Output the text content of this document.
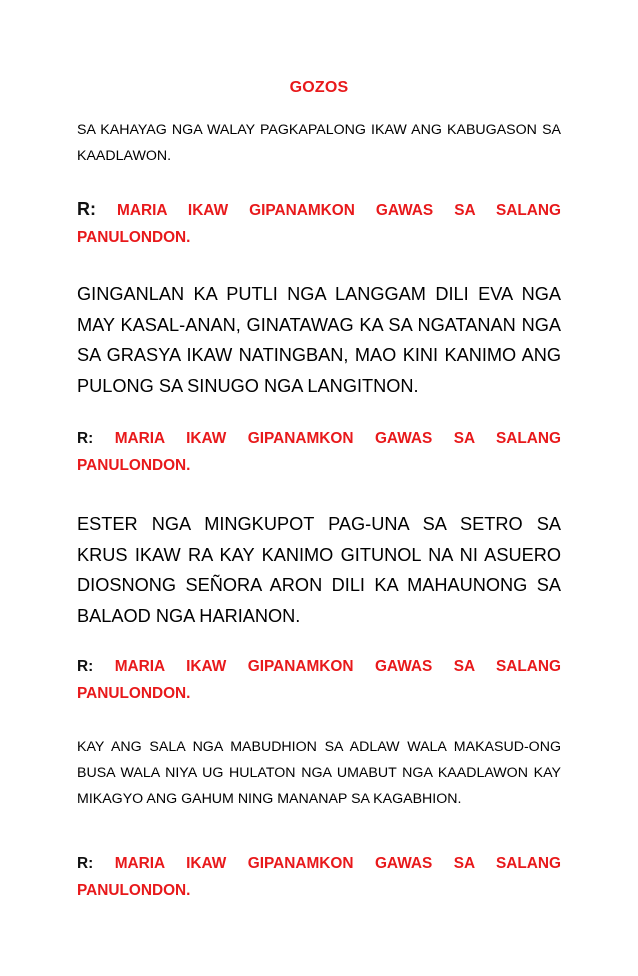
GOZOS
SA KAHAYAG NGA WALAY PAGKAPALONG IKAW ANG KABUGASON SA KAADLAWON.
R: MARIA IKAW GIPANAMKON GAWAS SA SALANG PANULONDON.
GINGANLAN KA PUTLI NGA LANGGAM DILI EVA NGA MAY KASAL-ANAN, GINATAWAG KA SA NGATANAN NGA SA GRASYA IKAW NATINGBAN, MAO KINI KANIMO ANG PULONG SA SINUGO NGA LANGITNON.
R: MARIA IKAW GIPANAMKON GAWAS SA SALANG PANULONDON.
ESTER NGA MINGKUPOT PAG-UNA SA SETRO SA KRUS IKAW RA KAY KANIMO GITUNOL NA NI ASUERO DIOSNONG SEÑORA ARON DILI KA MAHAUNONG SA BALAOD NGA HARIANON.
R: MARIA IKAW GIPANAMKON GAWAS SA SALANG PANULONDON.
KAY ANG SALA NGA MABUDHION SA ADLAW WALA MAKASUD-ONG BUSA WALA NIYA UG HULATON NGA UMABUT NGA KAADLAWON KAY MIKAGYO ANG GAHUM NING MANANAP SA KAGABHION.
R: MARIA IKAW GIPANAMKON GAWAS SA SALANG PANULONDON.
